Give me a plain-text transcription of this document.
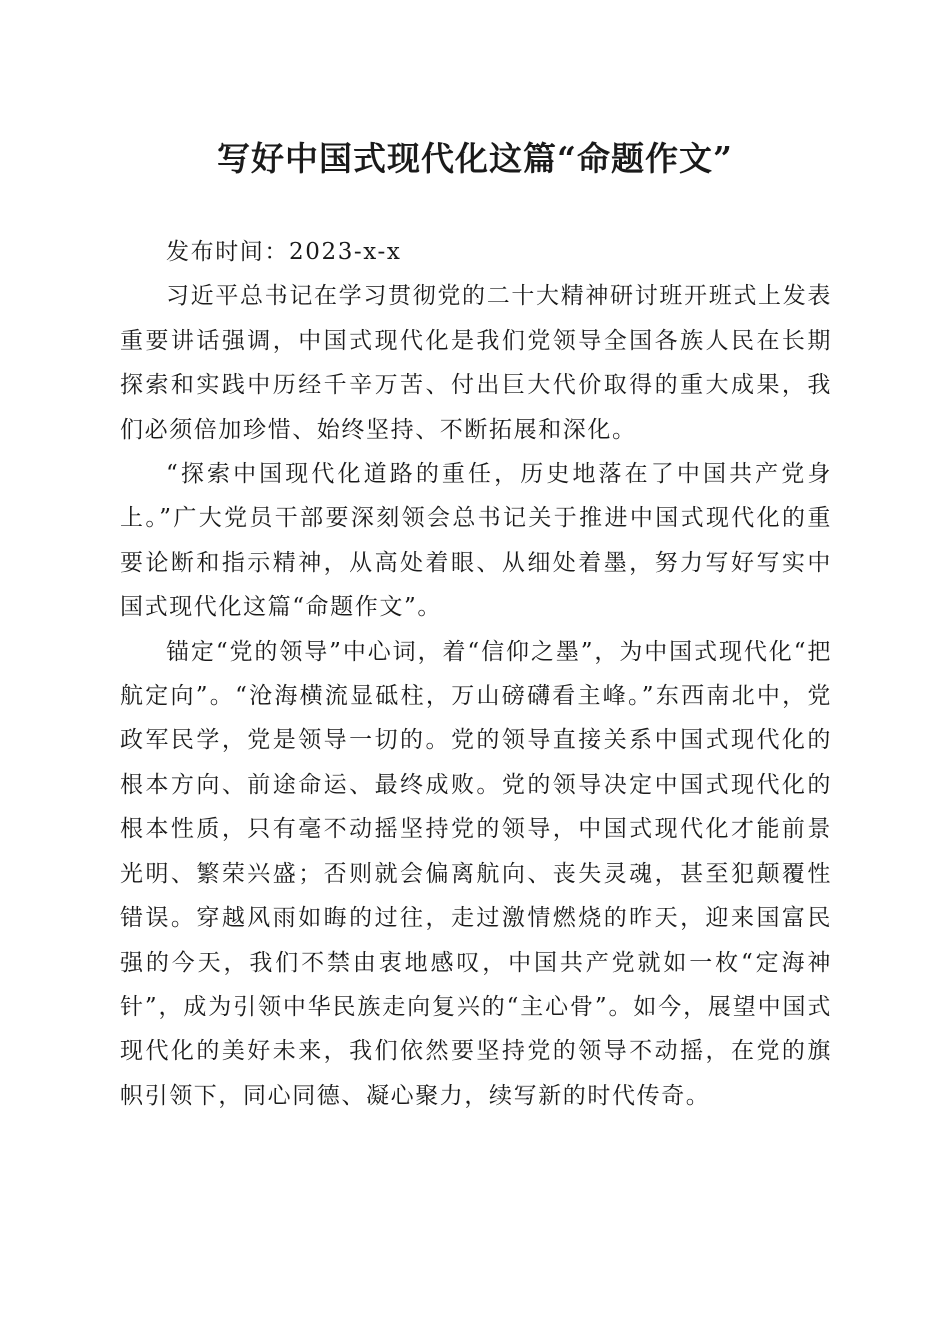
写好中国式现代化这篇“命题作文”

发布时间：2023-x-x

习近平总书记在学习贯彻党的二十大精神研讨班开班式上发表重要讲话强调，中国式现代化是我们党领导全国各族人民在长期探索和实践中历经千辛万苦、付出巨大代价取得的重大成果，我们必须倍加珍惜、始终坚持、不断拓展和深化。

“探索中国现代化道路的重任，历史地落在了中国共产党身上。”广大党员干部要深刻领会总书记关于推进中国式现代化的重要论断和指示精神，从高处着眼、从细处着墨，努力写好写实中国式现代化这篇“命题作文”。

锚定“党的领导”中心词，着“信仰之墨”，为中国式现代化“把航定向”。“沧海横流显砥柱，万山磅礴看主峰。”东西南北中，党政军民学，党是领导一切的。党的领导直接关系中国式现代化的根本方向、前途命运、最终成败。党的领导决定中国式现代化的根本性质，只有毫不动摇坚持党的领导，中国式现代化才能前景光明、繁荣兴盛；否则就会偏离航向、丧失灵魂，甚至犯颠覆性错误。穿越风雨如晦的过往，走过激情燃烧的昨天，迎来国富民强的今天，我们不禁由衷地感叹，中国共产党就如一枚“定海神针”，成为引领中华民族走向复兴的“主心骨”。如今，展望中国式现代化的美好未来，我们依然要坚持党的领导不动摇，在党的旗帜引领下，同心同德、凝心聚力，续写新的时代传奇。
